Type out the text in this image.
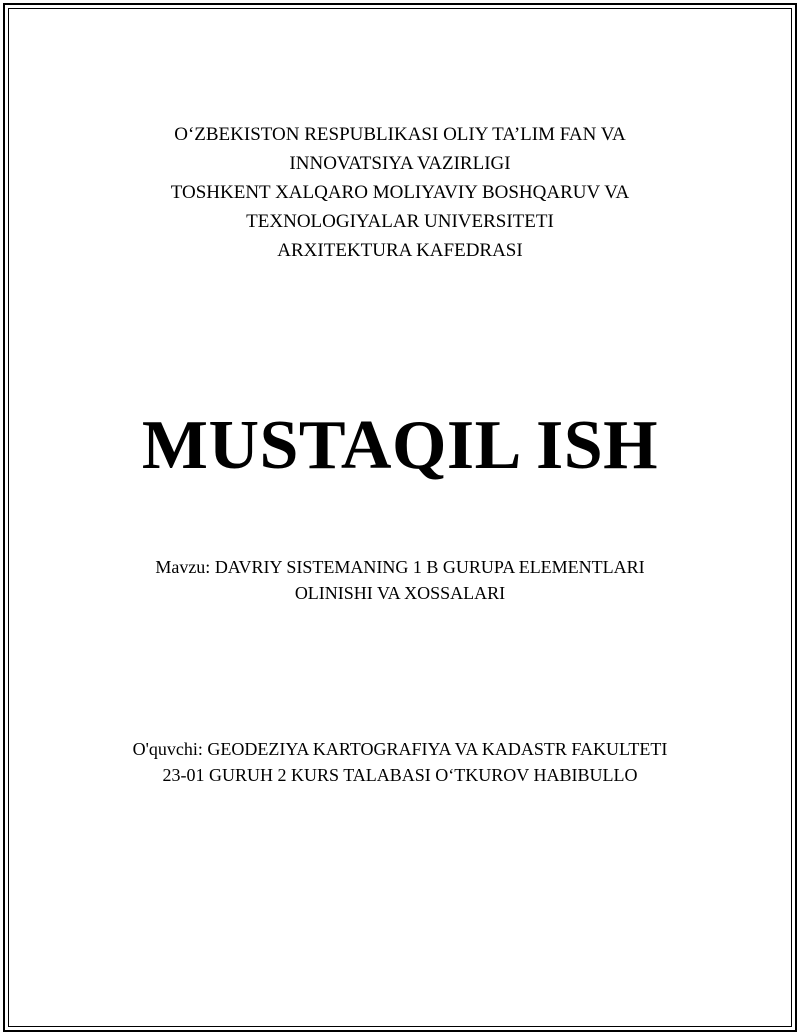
O‘ZBEKISTON RESPUBLIKASI OLIY TA’LIM FAN VA
INNOVATSIYA VAZIRLIGI
TOSHKENT XALQARO MOLIYAVIY BOSHQARUV VA
TEXNOLOGIYALAR UNIVERSITETI
ARXITEKTURA KAFEDRASI
MUSTAQIL ISH
Mavzu: DAVRIY SISTEMANING 1 B GURUPA ELEMENTLARI
OLINISHI VA XOSSALARI
O'quvchi: GEODEZIYA KARTOGRAFIYA VA KADASTR FAKULTETI
23-01 GURUH 2 KURS TALABASI O‘TKUROV HABIBULLO
